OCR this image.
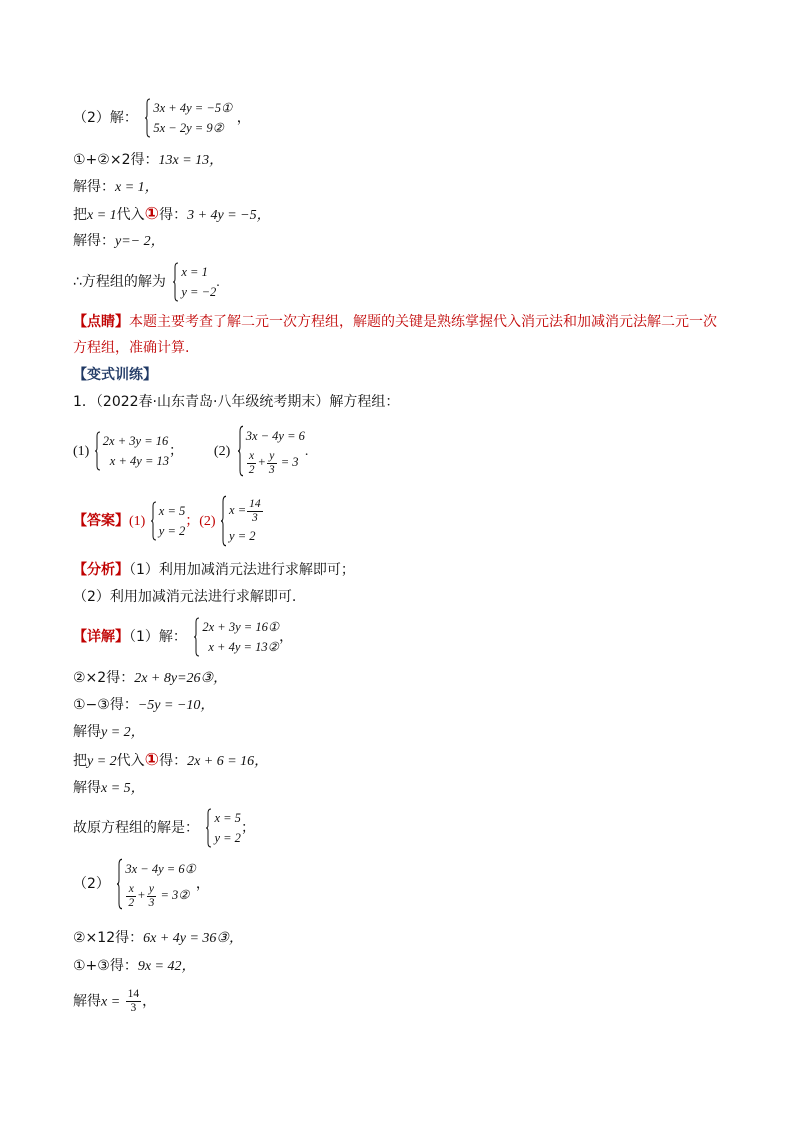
（2）解：
3x + 4y = −5①
5x − 2y = 9②
，
①+②×2得：13x = 13，
解得：x = 1，
把x = 1代入①得：3 + 4y = −5，
解得：y=− 2，
∴方程组的解为
x = 1
y = −2
.
【点睛】本题主要考查了解二元一次方程组，解题的关键是熟练掌握代入消元法和加减消元法解二元一次
方程组，准确计算.
【变式训练】
1．（2022春·山东青岛·八年级统考期末）解方程组：
(1)
2x + 3y = 16
x + 4y = 13
； (2)
3x − 4y = 6
$\frac{x}{2} + \frac{y}{3} = 3$
.
【答案】(1)
x = 5
y = 2
；(2)
$x = \frac{14}{3}$
y = 2
【分析】（1）利用加减消元法进行求解即可；
（2）利用加减消元法进行求解即可.
【详解】（1）解：
2x + 3y = 16①
x + 4y = 13②
，
②×2得：2x + 8y=26③，
①−③得：−5y = −10，
解得y = 2，
把y = 2代入①得：2x + 6 = 16，
解得x = 5，
故原方程组的解是：
x = 5
y = 2
；
（2）
3x − 4y = 6①
$\frac{x}{2} + \frac{y}{3}$ = 3②
，
②×12得：6x + 4y = 36③，
①+③得：9x = 42，
解得$x = \frac{14}{3}$ ，
